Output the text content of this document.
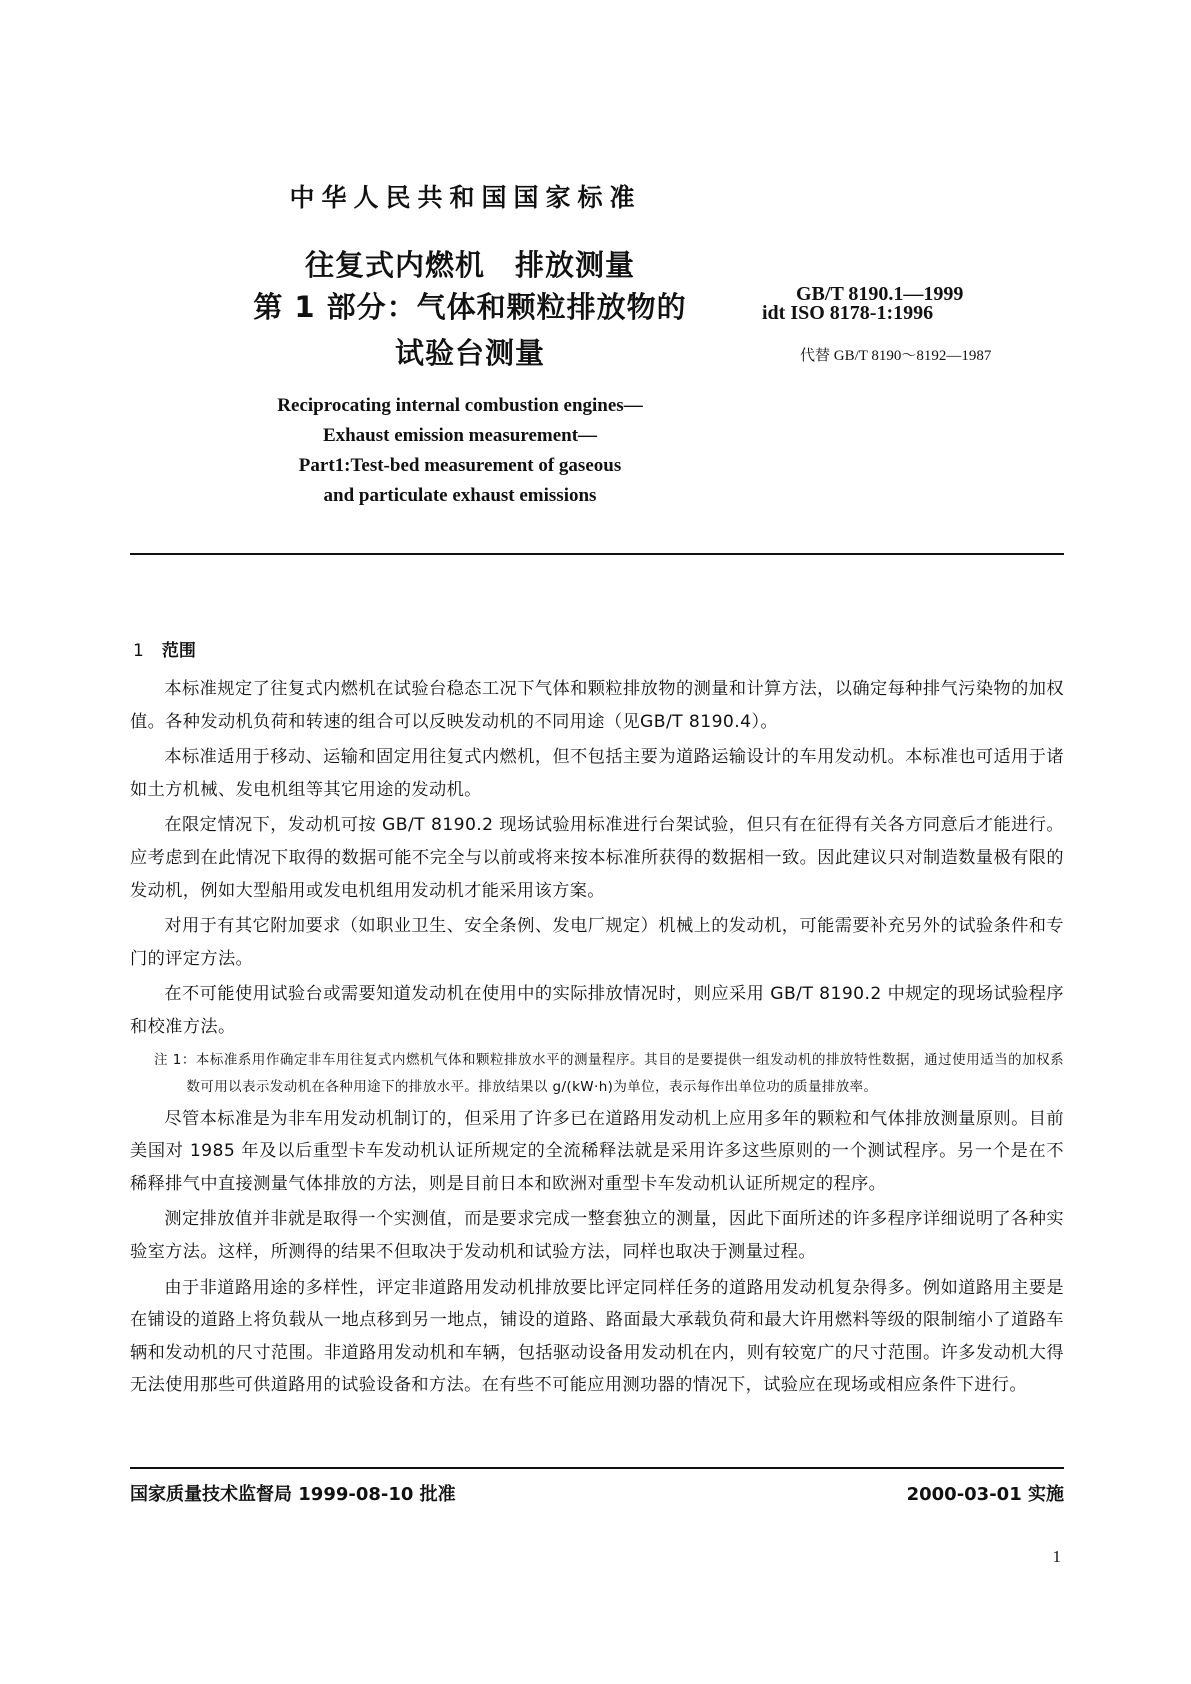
中华人民共和国国家标准
往复式内燃机　排放测量
第 1 部分：气体和颗粒排放物的
试验台测量
GB/T 8190.1—1999
idt ISO 8178-1:1996
代替 GB/T 8190～8192—1987
Reciprocating internal combustion engines—
Exhaust emission measurement—
Part1:Test-bed measurement of gaseous
and particulate exhaust emissions
1 范围

本标准规定了往复式内燃机在试验台稳态工况下气体和颗粒排放物的测量和计算方法，以确定每种排气污染物的加权值。各种发动机负荷和转速的组合可以反映发动机的不同用途（见GB/T 8190.4）。

本标准适用于移动、运输和固定用往复式内燃机，但不包括主要为道路运输设计的车用发动机。本标准也可适用于诸如土方机械、发电机组等其它用途的发动机。

在限定情况下，发动机可按 GB/T 8190.2 现场试验用标准进行台架试验，但只有在征得有关各方同意后才能进行。应考虑到在此情况下取得的数据可能不完全与以前或将来按本标准所获得的数据相一致。因此建议只对制造数量极有限的发动机，例如大型船用或发电机组用发动机才能采用该方案。

对用于有其它附加要求（如职业卫生、安全条例、发电厂规定）机械上的发动机，可能需要补充另外的试验条件和专门的评定方法。

在不可能使用试验台或需要知道发动机在使用中的实际排放情况时，则应采用 GB/T 8190.2 中规定的现场试验程序和校准方法。

注 1：本标准系用作确定非车用往复式内燃机气体和颗粒排放水平的测量程序。其目的是要提供一组发动机的排放特性数据，通过使用适当的加权系数可用以表示发动机在各种用途下的排放水平。排放结果以 g/(kW·h)为单位，表示每作出单位功的质量排放率。

尽管本标准是为非车用发动机制订的，但采用了许多已在道路用发动机上应用多年的颗粒和气体排放测量原则。目前美国对 1985 年及以后重型卡车发动机认证所规定的全流稀释法就是采用许多这些原则的一个测试程序。另一个是在不稀释排气中直接测量气体排放的方法，则是目前日本和欧洲对重型卡车发动机认证所规定的程序。

测定排放值并非就是取得一个实测值，而是要求完成一整套独立的测量，因此下面所述的许多程序详细说明了各种实验室方法。这样，所测得的结果不但取决于发动机和试验方法，同样也取决于测量过程。

由于非道路用途的多样性，评定非道路用发动机排放要比评定同样任务的道路用发动机复杂得多。例如道路用主要是在铺设的道路上将负载从一地点移到另一地点，铺设的道路、路面最大承载负荷和最大许用燃料等级的限制缩小了道路车辆和发动机的尺寸范围。非道路用发动机和车辆，包括驱动设备用发动机在内，则有较宽广的尺寸范围。许多发动机大得无法使用那些可供道路用的试验设备和方法。在有些不可能应用测功器的情况下，试验应在现场或相应条件下进行。

国家质量技术监督局 1999-08-10 批准	2000-03-01 实施
1
